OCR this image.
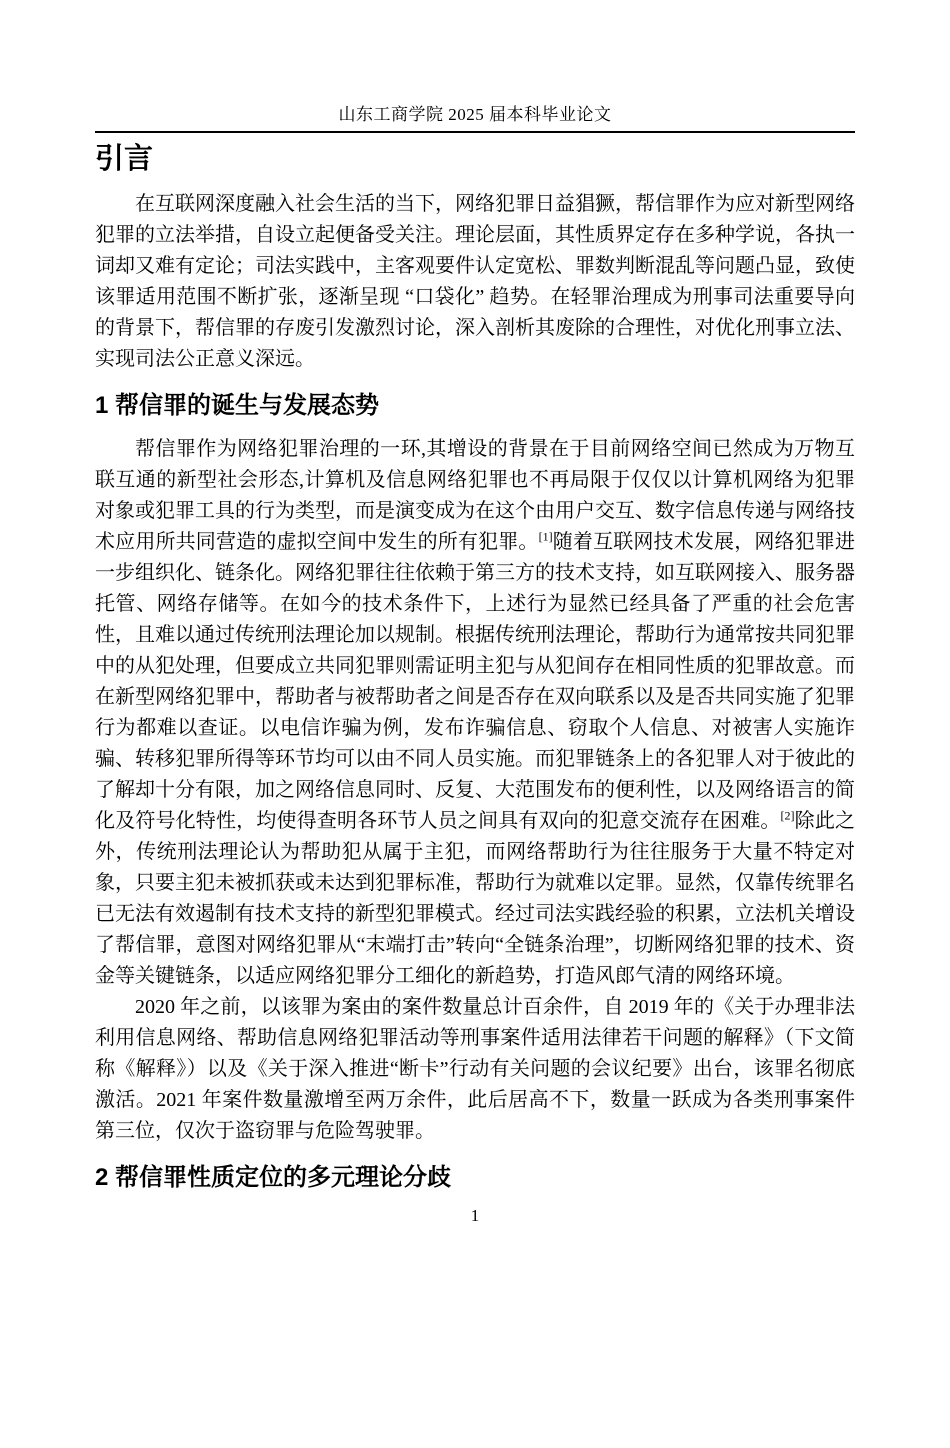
山东工商学院 2025 届本科毕业论文
引言

在互联网深度融入社会生活的当下，网络犯罪日益猖獗，帮信罪作为应对新型网络犯罪的立法举措，自设立起便备受关注。理论层面，其性质界定存在多种学说，各执一词却又难有定论；司法实践中，主客观要件认定宽松、罪数判断混乱等问题凸显，致使该罪适用范围不断扩张，逐渐呈现 “口袋化” 趋势。在轻罪治理成为刑事司法重要导向的背景下，帮信罪的存废引发激烈讨论，深入剖析其废除的合理性，对优化刑事立法、实现司法公正意义深远。

1 帮信罪的诞生与发展态势

帮信罪作为网络犯罪治理的一环,其增设的背景在于目前网络空间已然成为万物互联互通的新型社会形态,计算机及信息网络犯罪也不再局限于仅仅以计算机网络为犯罪对象或犯罪工具的行为类型，而是演变成为在这个由用户交互、数字信息传递与网络技术应用所共同营造的虚拟空间中发生的所有犯罪。[1]随着互联网技术发展，网络犯罪进一步组织化、链条化。网络犯罪往往依赖于第三方的技术支持，如互联网接入、服务器托管、网络存储等。在如今的技术条件下，上述行为显然已经具备了严重的社会危害性，且难以通过传统刑法理论加以规制。根据传统刑法理论，帮助行为通常按共同犯罪中的从犯处理，但要成立共同犯罪则需证明主犯与从犯间存在相同性质的犯罪故意。而在新型网络犯罪中，帮助者与被帮助者之间是否存在双向联系以及是否共同实施了犯罪行为都难以查证。以电信诈骗为例，发布诈骗信息、窃取个人信息、对被害人实施诈骗、转移犯罪所得等环节均可以由不同人员实施。而犯罪链条上的各犯罪人对于彼此的了解却十分有限，加之网络信息同时、反复、大范围发布的便利性，以及网络语言的简化及符号化特性，均使得查明各环节人员之间具有双向的犯意交流存在困难。[2]除此之外，传统刑法理论认为帮助犯从属于主犯，而网络帮助行为往往服务于大量不特定对象，只要主犯未被抓获或未达到犯罪标准，帮助行为就难以定罪。显然，仅靠传统罪名已无法有效遏制有技术支持的新型犯罪模式。经过司法实践经验的积累，立法机关增设了帮信罪，意图对网络犯罪从“末端打击”转向“全链条治理”，切断网络犯罪的技术、资金等关键链条，以适应网络犯罪分工细化的新趋势，打造风郎气清的网络环境。

2020 年之前，以该罪为案由的案件数量总计百余件，自 2019 年的《关于办理非法利用信息网络、帮助信息网络犯罪活动等刑事案件适用法律若干问题的解释》（下文简称《解释》）以及《关于深入推进“断卡”行动有关问题的会议纪要》出台，该罪名彻底激活。2021 年案件数量激增至两万余件，此后居高不下，数量一跃成为各类刑事案件第三位，仅次于盗窃罪与危险驾驶罪。

2 帮信罪性质定位的多元理论分歧
1
